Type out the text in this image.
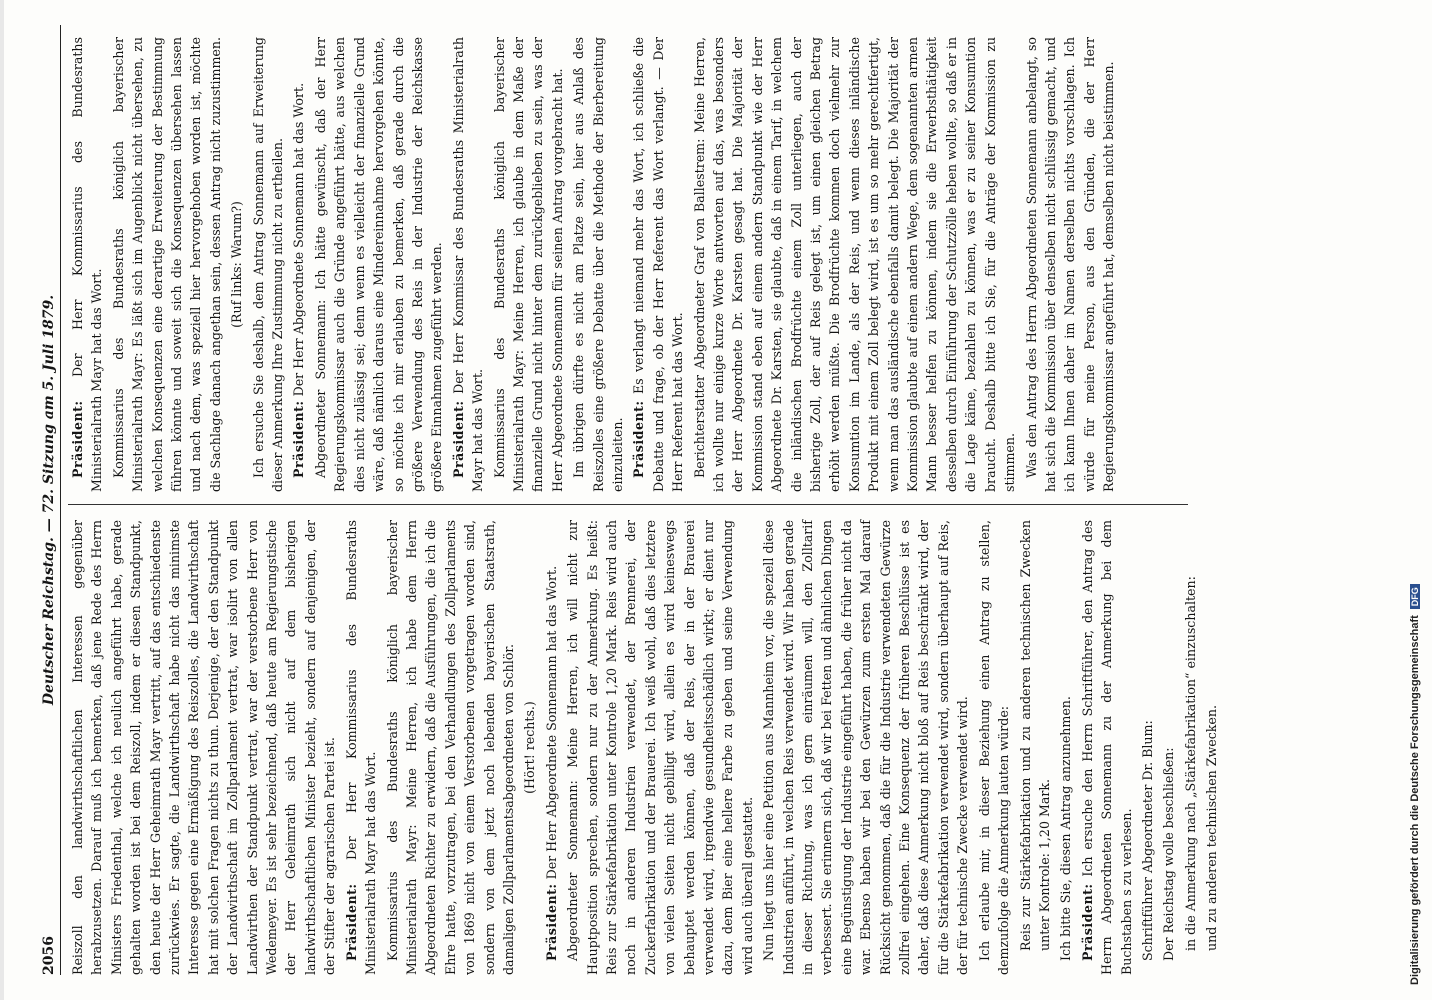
2056
Deutscher Reichstag. — 72. Sitzung am 5. Juli 1879.

Reiszoll den landwirthschaftlichen Interessen gegenüber herabzusetzen. Darauf muß ich bemerken, daß jene Rede des Herrn Ministers Friedenthal, welche ich neulich angeführt habe, gerade gehalten worden ist bei dem Reiszoll, indem er diesen Standpunkt, den heute der Herr Geheimrath Mayr vertritt, auf das entschiedenste zurückwies. Er sagte, die Landwirthschaft habe nicht das minimste Interesse gegen eine Ermäßigung des Reiszolles, die Landwirthschaft hat mit solchen Fragen nichts zu thun. Derjenige, der den Standpunkt der Landwirthschaft im Zollparlament vertrat, war isolirt von allen Landwirthen der Standpunkt vertrat, war der verstorbene Herr von Wedemeyer. Es ist sehr bezeichnend, daß heute am Regierungstische der Herr Geheimrath sich nicht auf dem bisherigen landwirthschaftlichen Minister bezieht, sondern auf denjenigen, der der Stifter der agrarischen Partei ist. Präsident: Der Herr Kommissarius des Bundesraths Ministerialrath Mayr hat das Wort. Kommissarius des Bundesraths königlich bayerischer Ministerialrath Mayr: Meine Herren, ich habe dem Herrn Abgeordneten Richter zu erwidern, daß die Ausführungen, die ich die Ehre hatte, vorzutragen, bei den Verhandlungen des Zollparlaments von 1869 nicht von einem Verstorbenen vorgetragen worden sind, sondern von dem jetzt noch lebenden bayerischen Staatsrath, damaligen Zollparlamentsabgeordneten von Schlör. (Hört! rechts.)

Präsident: Der Herr Abgeordnete Sonnemann hat das Wort. Abgeordneter Sonnemann: Meine Herren, ich will nicht zur Hauptposition sprechen, sondern nur zu der Anmerkung. Es heißt: Reis zur Stärkefabrikation unter Kontrole 1,20 Mark. Reis wird auch noch in anderen Industrien verwendet, der Brennerei, der Zuckerfabrikation und der Brauerei. Ich weiß wohl, daß dies letztere von vielen Seiten nicht gebilligt wird, allein es wird keineswegs behauptet werden können, daß der Reis, der in der Brauerei verwendet wird, irgendwie gesundheitsschädlich wirkt; er dient nur dazu, dem Bier eine hellere Farbe zu geben und seine Verwendung wird auch überall gestattet. Nun liegt uns hier eine Petition aus Mannheim vor, die speziell diese Industrien anführt, in welchen Reis verwendet wird. Wir haben gerade in dieser Richtung, was ich gern einräumen will, den Zolltarif verbessert. Sie erinnern sich, daß wir bei Fetten und ähnlichen Dingen eine Begünstigung der Industrie eingeführt haben, die früher nicht da war. Ebenso haben wir bei den Gewürzen zum ersten Mal darauf Rücksicht genommen, daß die für die Industrie verwendeten Gewürze zollfrei eingehen. Eine Konsequenz der früheren Beschlüsse ist es daher, daß diese Anmerkung nicht bloß auf Reis beschränkt wird, der für die Stärkefabrikation verwendet wird, sondern überhaupt auf Reis, der für technische Zwecke verwendet wird. Ich erlaube mir, in dieser Beziehung einen Antrag zu stellen, demzufolge die Anmerkung lauten würde: Reis zur Stärkefabrikation und zu anderen technischen Zwecken unter Kontrole: 1,20 Mark. Ich bitte Sie, diesen Antrag anzunehmen. Präsident: Ich ersuche den Herrn Schriftführer, den Antrag des Herrn Abgeordneten Sonnemann zu der Anmerkung bei dem Buchstaben s zu verlesen. Schriftführer Abgeordneter Dr. Blum: Der Reichstag wolle beschließen: in die Anmerkung nach „Stärkefabrikation“ einzuschalten: und zu anderen technischen Zwecken.

Präsident: Der Herr Kommissarius des Bundesraths Ministerialrath Mayr hat das Wort. Kommissarius des Bundesraths königlich bayerischer Ministerialrath Mayr: Es läßt sich im Augenblick nicht übersehen, zu welchen Konsequenzen eine derartige Erweiterung der Bestimmung führen könnte und soweit sich die Konsequenzen übersehen lassen und nach dem, was speziell hier hervorgehoben worden ist, möchte die Sachlage danach angethan sein, dessen Antrag nicht zuzustimmen. (Ruf links: Warum?) Ich ersuche Sie deshalb, dem Antrag Sonnemann auf Erweiterung dieser Anmerkung Ihre Zustimmung nicht zu ertheilen. Präsident: Der Herr Abgeordnete Sonnemann hat das Wort. Abgeordneter Sonnemann: Ich hätte gewünscht, daß der Herr Regierungskommissar auch die Gründe angeführt hätte, aus welchen dies nicht zulässig sei; denn wenn es vielleicht der finanzielle Grund wäre, daß nämlich daraus eine Mindereinnahme hervorgehen könnte, so möchte ich mir erlauben zu bemerken, daß gerade durch die größere Verwendung des Reis in der Industrie der Reichskasse größere Einnahmen zugeführt werden. Präsident: Der Herr Kommissar des Bundesraths Ministerialrath Mayr hat das Wort. Kommissarius des Bundesraths königlich bayerischer Ministerialrath Mayr: Meine Herren, ich glaube in dem Maße der finanzielle Grund nicht hinter dem zurückgeblieben zu sein, was der Herr Abgeordnete Sonnemann für seinen Antrag vorgebracht hat. Im übrigen dürfte es nicht am Platze sein, hier aus Anlaß des Reiszolles eine größere Debatte über die Methode der Bierbereitung einzuleiten. Präsident: Es verlangt niemand mehr das Wort, ich schließe die Debatte und frage, ob der Herr Referent das Wort verlangt. — Der Herr Referent hat das Wort. Berichterstatter Abgeordneter Graf von Ballestrem: Meine Herren, ich wollte nur einige kurze Worte antworten auf das, was besonders der Herr Abgeordnete Dr. Karsten gesagt hat. Die Majorität der Kommission stand eben auf einem andern Standpunkt wie der Herr Abgeordnete Dr. Karsten, sie glaubte, daß in einem Tarif, in welchem die inländischen Brodfrüchte einem Zoll unterliegen, auch der bisherige Zoll, der auf Reis gelegt ist, um einen gleichen Betrag erhöht werden müßte. Die Brodfrüchte kommen doch vielmehr zur Konsumtion im Lande, als der Reis, und wenn dieses inländische Produkt mit einem Zoll belegt wird, ist es um so mehr gerechtfertigt, wenn man das ausländische ebenfalls damit belegt. Die Majorität der Kommission glaubte auf einem andern Wege, dem sogenannten armen Mann besser helfen zu können, indem sie die Erwerbsthätigkeit desselben durch Einführung der Schutzzölle heben wollte, so daß er in die Lage käme, bezahlen zu können, was er zu seiner Konsumtion braucht. Deshalb bitte ich Sie, für die Anträge der Kommission zu stimmen. Was den Antrag des Herrn Abgeordneten Sonnemann anbelangt, so hat sich die Kommission über denselben nicht schlüssig gemacht, und ich kann Ihnen daher im Namen derselben nichts vorschlagen. Ich würde für meine Person, aus den Gründen, die der Herr Regierungskommissar angeführt hat, demselben nicht beistimmen.

Digitalisierung gefördert durch die Deutsche ForschungsgemeinschaftDFG
